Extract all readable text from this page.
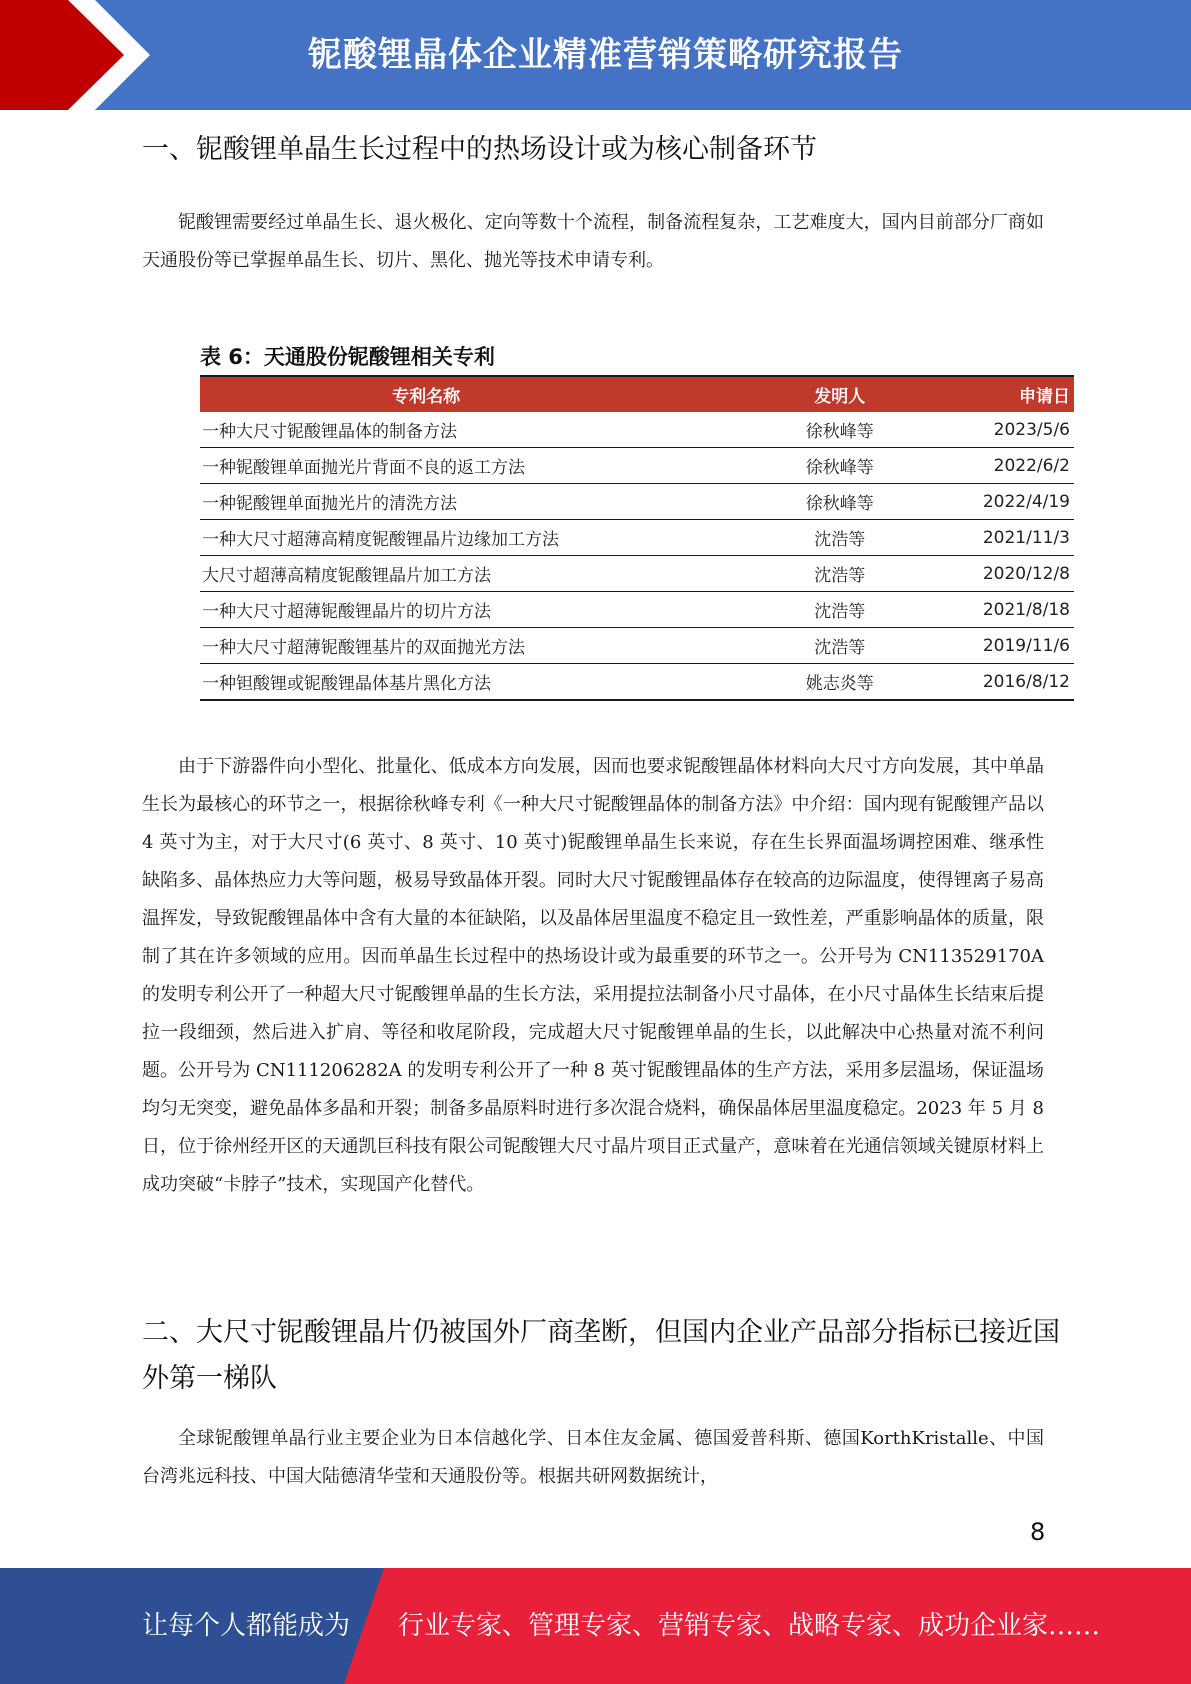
铌酸锂晶体企业精准营销策略研究报告
一、铌酸锂单晶生长过程中的热场设计或为核心制备环节

铌酸锂需要经过单晶生长、退火极化、定向等数十个流程，制备流程复杂，工艺难度大，国内目前部分厂商如天通股份等已掌握单晶生长、切片、黑化、抛光等技术申请专利。

表 6：天通股份铌酸锂相关专利
专利名称	发明人	申请日
一种大尺寸铌酸锂晶体的制备方法	徐秋峰等	2023/5/6
一种铌酸锂单面抛光片背面不良的返工方法	徐秋峰等	2022/6/2
一种铌酸锂单面抛光片的清洗方法	徐秋峰等	2022/4/19
一种大尺寸超薄高精度铌酸锂晶片边缘加工方法	沈浩等	2021/11/3
大尺寸超薄高精度铌酸锂晶片加工方法	沈浩等	2020/12/8
一种大尺寸超薄铌酸锂晶片的切片方法	沈浩等	2021/8/18
一种大尺寸超薄铌酸锂基片的双面抛光方法	沈浩等	2019/11/6
一种钽酸锂或铌酸锂晶体基片黑化方法	姚志炎等	2016/8/12

由于下游器件向小型化、批量化、低成本方向发展，因而也要求铌酸锂晶体材料向大尺寸方向发展，其中单晶生长为最核心的环节之一，根据徐秋峰专利《一种大尺寸铌酸锂晶体的制备方法》中介绍：国内现有铌酸锂产品以 4 英寸为主，对于大尺寸(6 英寸、8 英寸、10 英寸)铌酸锂单晶生长来说，存在生长界面温场调控困难、继承性缺陷多、晶体热应力大等问题，极易导致晶体开裂。同时大尺寸铌酸锂晶体存在较高的边际温度，使得锂离子易高温挥发，导致铌酸锂晶体中含有大量的本征缺陷，以及晶体居里温度不稳定且一致性差，严重影响晶体的质量，限制了其在许多领域的应用。因而单晶生长过程中的热场设计或为最重要的环节之一。公开号为 CN113529170A 的发明专利公开了一种超大尺寸铌酸锂单晶的生长方法，采用提拉法制备小尺寸晶体，在小尺寸晶体生长结束后提拉一段细颈，然后进入扩肩、等径和收尾阶段，完成超大尺寸铌酸锂单晶的生长，以此解决中心热量对流不利问题。公开号为 CN111206282A 的发明专利公开了一种 8 英寸铌酸锂晶体的生产方法，采用多层温场，保证温场均匀无突变，避免晶体多晶和开裂；制备多晶原料时进行多次混合烧料，确保晶体居里温度稳定。2023 年 5 月 8 日，位于徐州经开区的天通凯巨科技有限公司铌酸锂大尺寸晶片项目正式量产，意味着在光通信领域关键原材料上成功突破“卡脖子”技术，实现国产化替代。

二、大尺寸铌酸锂晶片仍被国外厂商垄断，但国内企业产品部分指标已接近国外第一梯队

全球铌酸锂单晶行业主要企业为日本信越化学、日本住友金属、德国爱普科斯、德国KorthKristalle、中国台湾兆远科技、中国大陆德清华莹和天通股份等。根据共研网数据统计，

8
让每个人都能成为 行业专家、管理专家、营销专家、战略专家、成功企业家……
